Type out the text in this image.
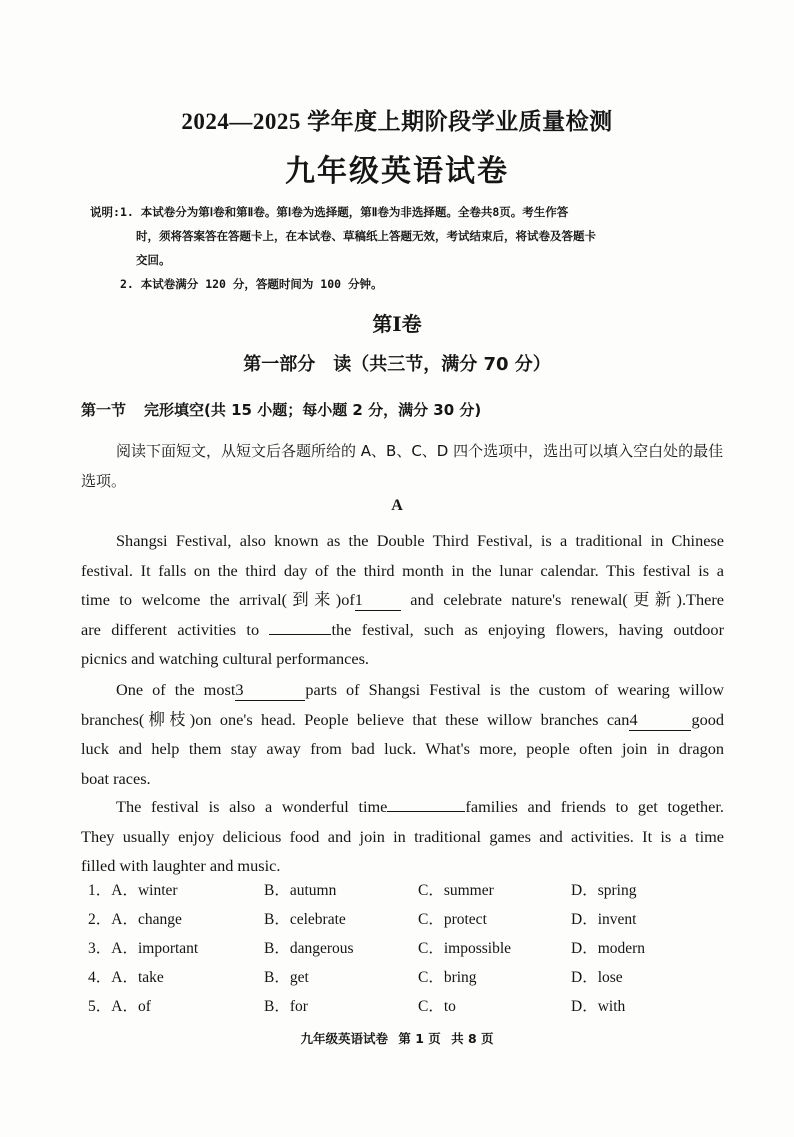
2024—2025 学年度上期阶段学业质量检测
九年级英语试卷
说明: 1. 本试卷分为第Ⅰ卷和第Ⅱ卷。第Ⅰ卷为选择题，第Ⅱ卷为非选择题。全卷共8页。考生作答
时，须将答案答在答题卡上，在本试卷、草稿纸上答题无效，考试结束后，将试卷及答题卡
交回。
2. 本试卷满分 120 分，答题时间为 100 分钟。
第Ⅰ卷
第一部分　读（共三节，满分 70 分）
第一节 完形填空(共 15 小题；每小题 2 分，满分 30 分)
阅读下面短文，从短文后各题所给的 A、B、C、D 四个选项中，选出可以填入空白处的最佳选项。
A
Shangsi Festival, also known as the Double Third Festival, is a traditional in Chinese
festival. It falls on the third day of the third month in the lunar calendar. This festival is a
time to welcome the arrival(到来)of1 and celebrate nature's renewal(更新).There
are different activities to	the festival, such as enjoying flowers, having outdoor
picnics and watching cultural performances.
One of the most3	parts of Shangsi Festival is the custom of wearing willow
branches(柳枝)on one's head. People believe that these willow branches can4	good
luck and help them stay away from bad luck. What's more, people often join in dragon
boat races.
The festival is also a wonderful time	families and friends to get together.
They usually enjoy delicious food and join in traditional games and activities. It is a time
filled with laughter and music.
1．A．winter	B．autumn	C．summer	D．spring
2．A．change	B．celebrate	C．protect	D．invent
3．A．important	B．dangerous	C．impossible	D．modern
4．A．take	B．get	C．bring	D．lose
5．A．of	B．for	C．to	D．with
九年级英语试卷 第 1 页 共 8 页
